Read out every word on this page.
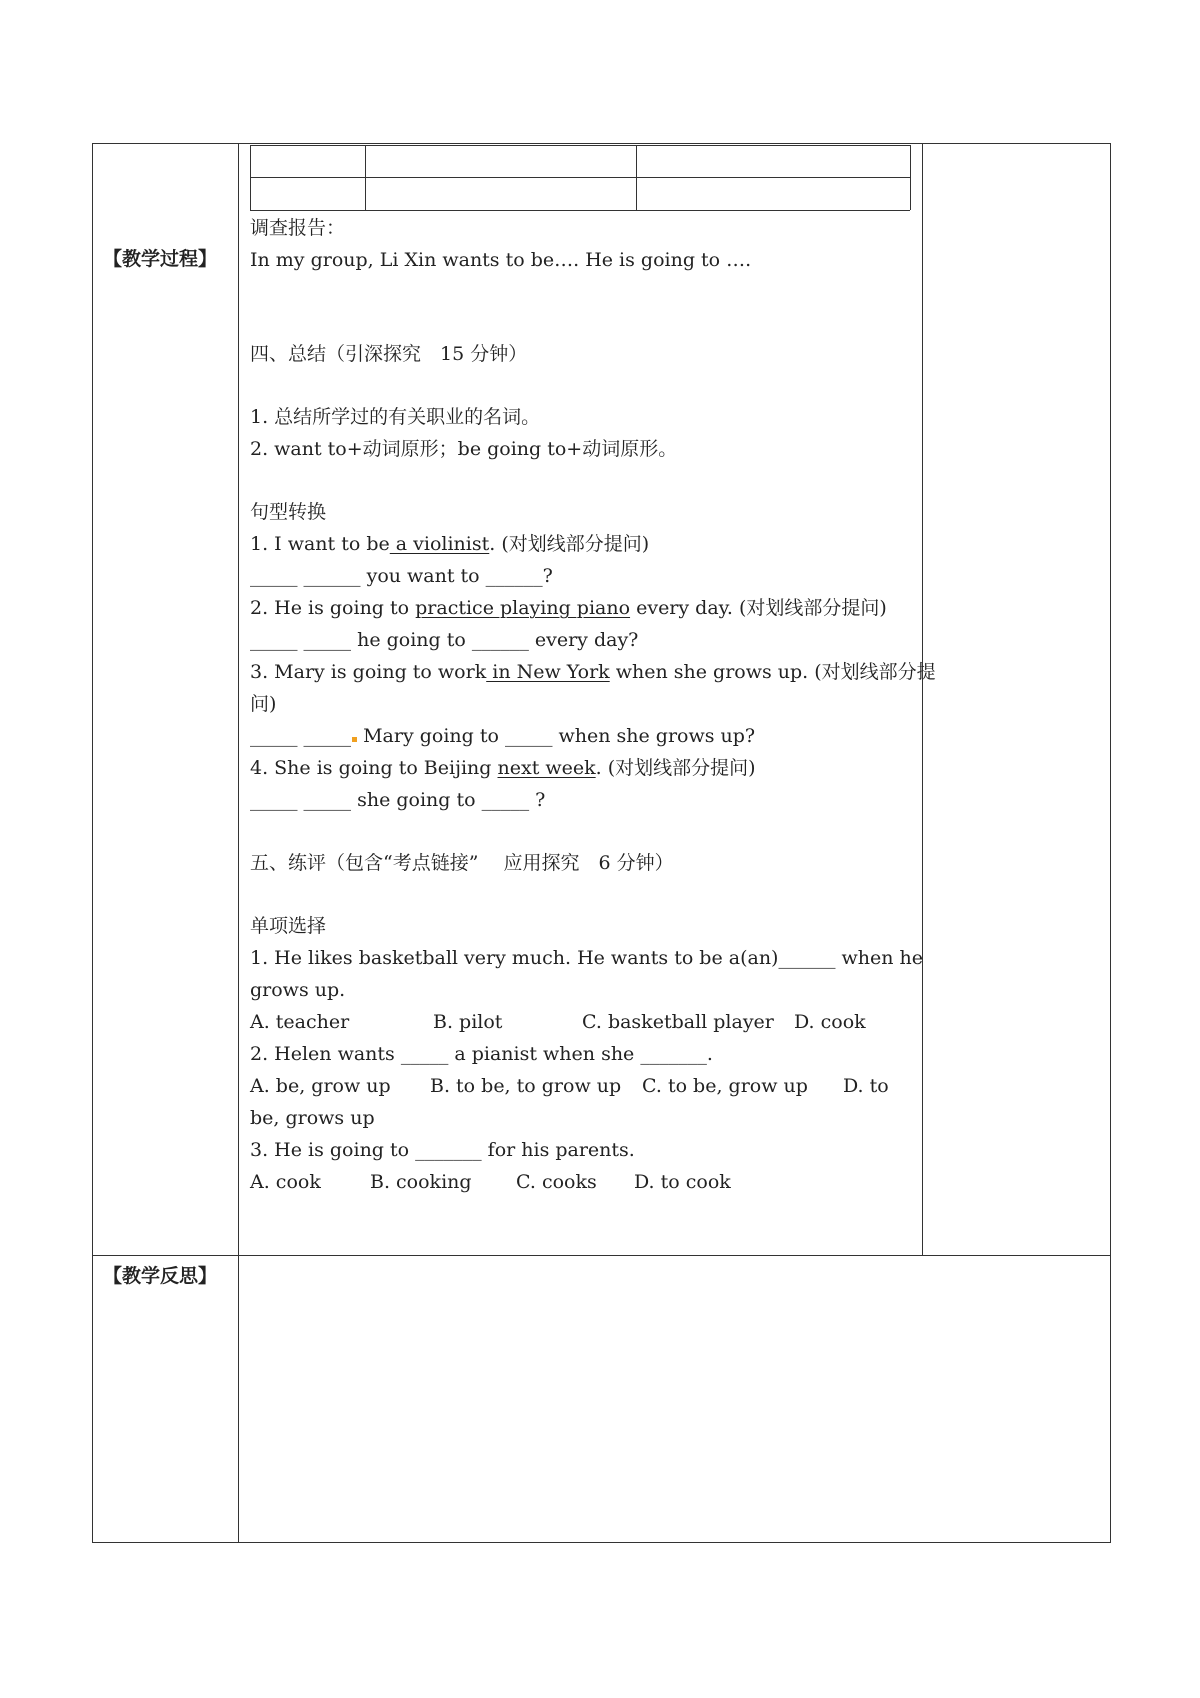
【教学过程】
【教学反思】
调查报告：
In my group, Li Xin wants to be…. He is going to ….
四、总结（引深探究　15 分钟）
1. 总结所学过的有关职业的名词。
2. want to+动词原形；be going to+动词原形。
句型转换
1. I want to be a violinist. (对划线部分提问)
_____ ______ you want to ______?
2. He is going to practice playing piano every day. (对划线部分提问)
_____ _____ he going to ______ every day?
3. Mary is going to work in New York when she grows up. (对划线部分提
问)
_____ _____ Mary going to _____ when she grows up?
4. She is going to Beijing next week. (对划线部分提问)
_____ _____ she going to _____ ?
五、练评（包含“考点链接”　 应用探究　6 分钟）
单项选择
1. He likes basketball very much. He wants to be a(an)______ when he
grows up.
A. teacher	B. pilot	C. basketball player D. cook
2. Helen wants _____ a pianist when she _______.
A. be, grow up B. to be, to grow up C. to be, grow up D. to
be, grows up
3. He is going to _______ for his parents.
A. cook	B. cooking C. cooks D. to cook
